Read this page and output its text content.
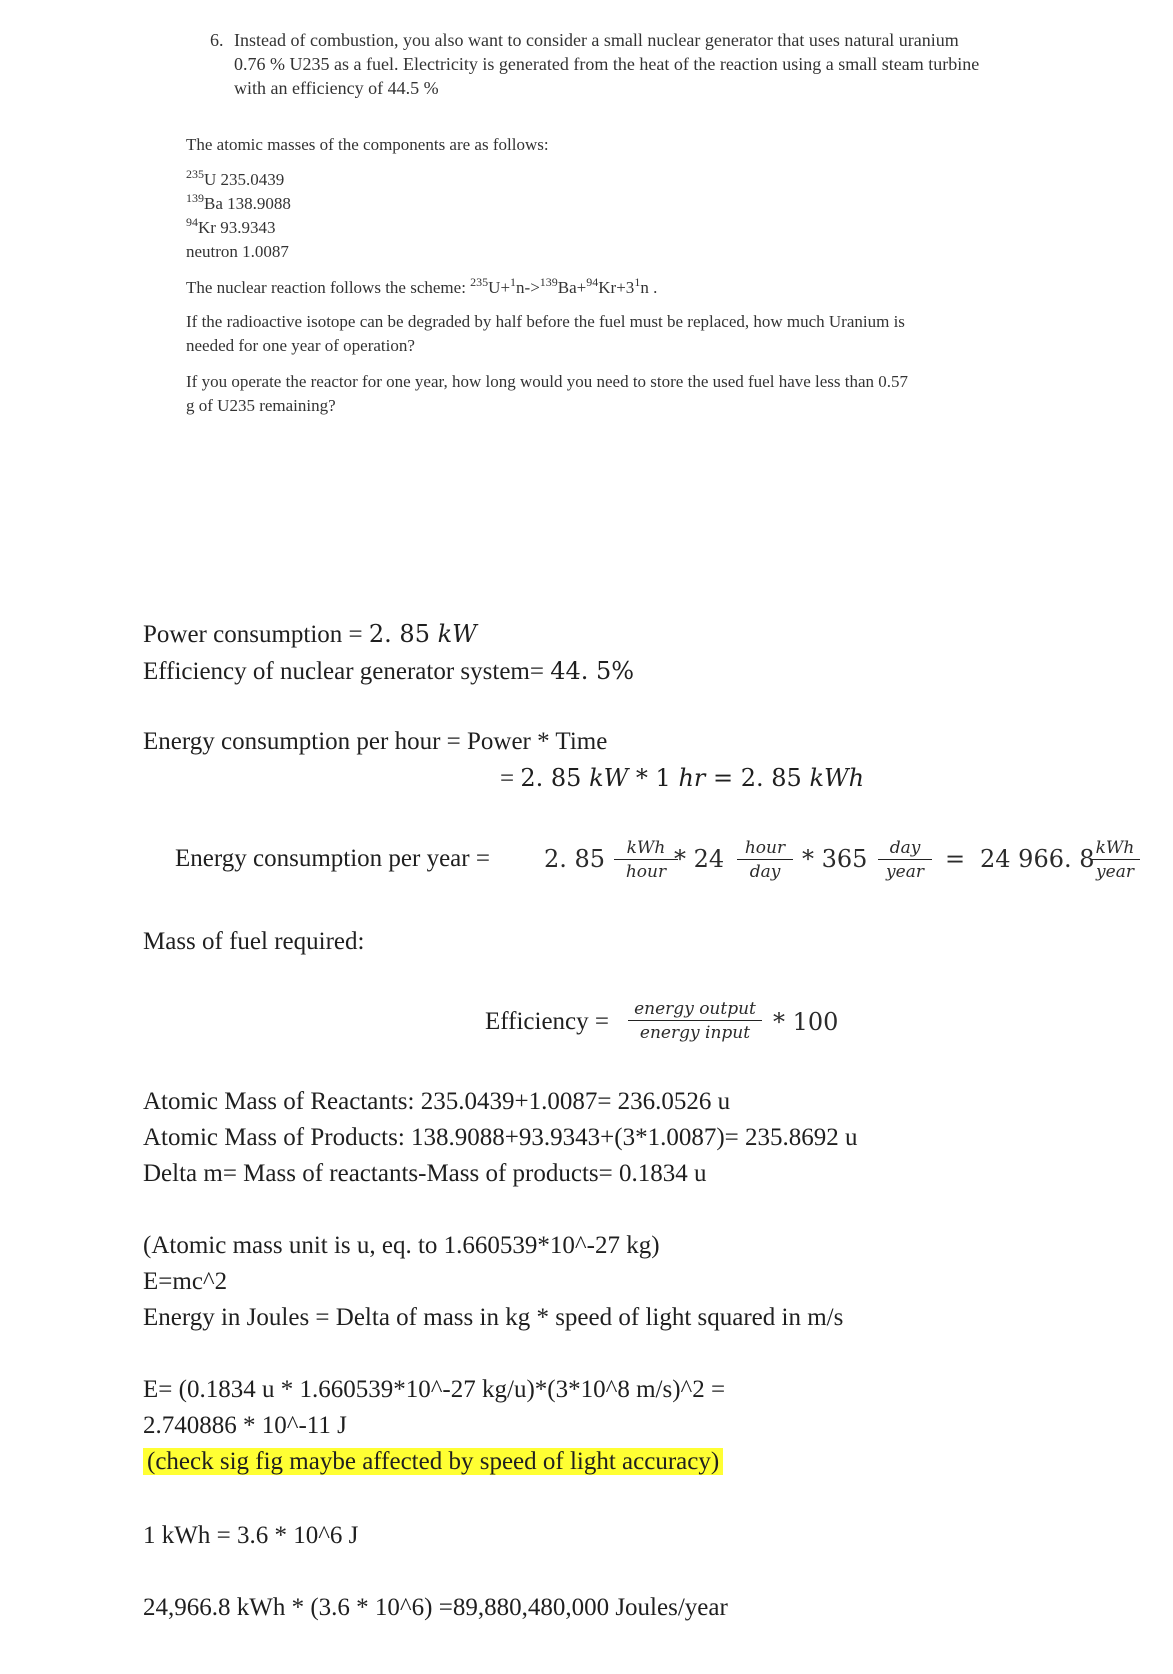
6. Instead of combustion, you also want to consider a small nuclear generator that uses natural uranium
0.76 % U235 as a fuel. Electricity is generated from the heat of the reaction using a small steam turbine
with an efficiency of 44.5 %
The atomic masses of the components are as follows:
$^{235}$U 235.0439
$^{139}$Ba 138.9088
$^{94}$Kr 93.9343
neutron 1.0087
The nuclear reaction follows the scheme: $^{235}U+^1n->^{139}Ba+^{94}Kr+3^1n$ .
If the radioactive isotope can be degraded by half before the fuel must be replaced, how much Uranium is
needed for one year of operation?
If you operate the reactor for one year, how long would you need to store the used fuel have less than 0.57
g of U235 remaining?
Power consumption = 2. 85 kW
Efficiency of nuclear generator system= 44. 5%
Energy consumption per hour = Power * Time
= 2. 85 kW * 1 hr = 2. 85 kWh
Energy consumption per year = 2. 85	kWh
hour * 24	hour
day * 365	day
year = 24 966. 8 kWh
year
Mass of fuel required:
Efficiency =	energy output
energy input * 100
Atomic Mass of Reactants: 235.0439+1.0087= 236.0526 u
Atomic Mass of Products: 138.9088+93.9343+(3*1.0087)= 235.8692 u
Delta m= Mass of reactants-Mass of products= 0.1834 u
(Atomic mass unit is u, eq. to 1.660539*10^-27 kg)
E=mc^2
Energy in Joules = Delta of mass in kg * speed of light squared in m/s
E= (0.1834 u * 1.660539*10^-27 kg/u)*(3*10^8 m/s)^2 =
2.740886 * 10^-11 J
(check sig fig maybe affected by speed of light accuracy)
1 kWh = 3.6 * 10^6 J
24,966.8 kWh * (3.6 * 10^6) =89,880,480,000 Joules/year
